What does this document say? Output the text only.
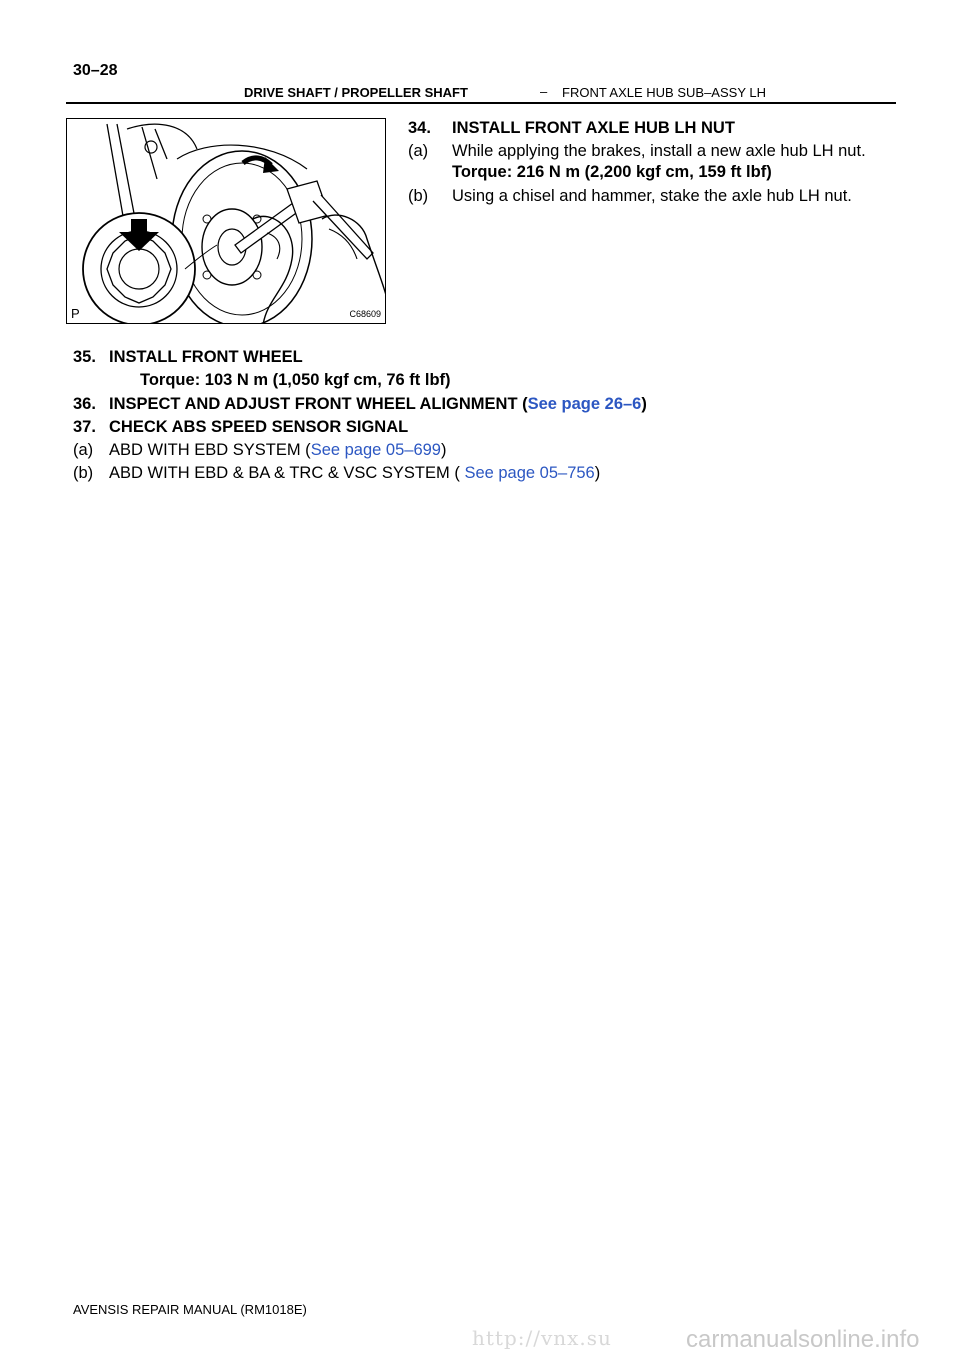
30–28
DRIVE SHAFT / PROPELLER SHAFT	– FRONT AXLE HUB SUB–ASSY LH
P	C68609
34. INSTALL FRONT AXLE HUB LH NUT
(a) While applying the brakes, install a new axle hub LH nut.
Torque: 216 N m (2,200 kgf cm, 159 ft lbf)
(b) Using a chisel and hammer, stake the axle hub LH nut.
35. INSTALL FRONT WHEEL
Torque: 103 N m (1,050 kgf cm, 76 ft lbf)
36. INSPECT AND ADJUST FRONT WHEEL ALIGNMENT (See page 26–6)
37. CHECK ABS SPEED SENSOR SIGNAL
(a) ABD WITH EBD SYSTEM (See page 05–699)
(b) ABD WITH EBD & BA & TRC & VSC SYSTEM ( See page 05–756)
AVENSIS REPAIR MANUAL (RM1018E)
http://vnx.su	carmanualsonline.info
